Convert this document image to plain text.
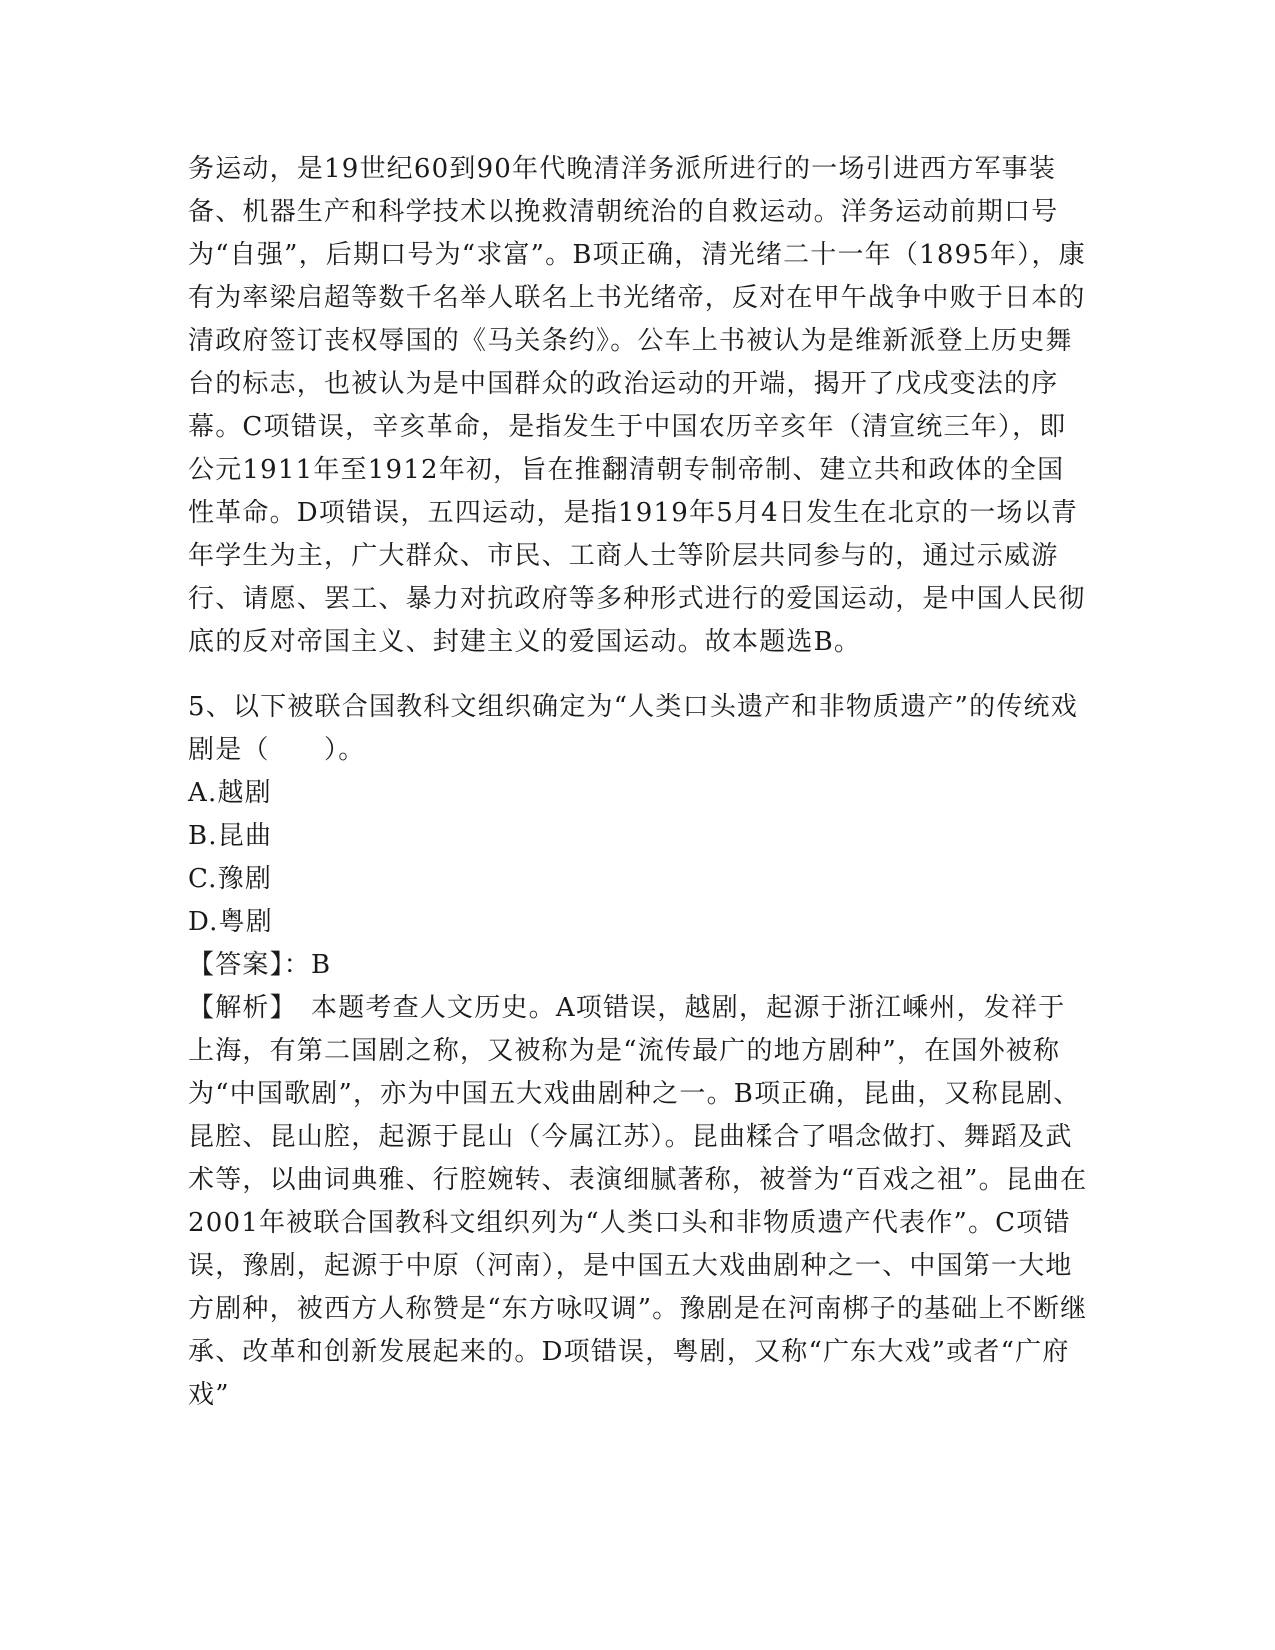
务运动，是19世纪60到90年代晚清洋务派所进行的一场引进西方军事装备、机器生产和科学技术以挽救清朝统治的自救运动。洋务运动前期口号为“自强”，后期口号为“求富”。B项正确，清光绪二十一年（1895年），康有为率梁启超等数千名举人联名上书光绪帝，反对在甲午战争中败于日本的清政府签订丧权辱国的《马关条约》。公车上书被认为是维新派登上历史舞台的标志，也被认为是中国群众的政治运动的开端，揭开了戊戌变法的序幕。C项错误，辛亥革命，是指发生于中国农历辛亥年（清宣统三年），即公元1911年至1912年初，旨在推翻清朝专制帝制、建立共和政体的全国性革命。D项错误，五四运动，是指1919年5月4日发生在北京的一场以青年学生为主，广大群众、市民、工商人士等阶层共同参与的，通过示威游行、请愿、罢工、暴力对抗政府等多种形式进行的爱国运动，是中国人民彻底的反对帝国主义、封建主义的爱国运动。故本题选B。

5、以下被联合国教科文组织确定为“人类口头遗产和非物质遗产”的传统戏剧是（　　）。

A.越剧

B.昆曲

C.豫剧

D.粤剧

【答案】：B

【解析】　本题考查人文历史。A项错误，越剧，起源于浙江嵊州，发祥于上海，有第二国剧之称，又被称为是“流传最广的地方剧种”，在国外被称为“中国歌剧”，亦为中国五大戏曲剧种之一。B项正确，昆曲，又称昆剧、昆腔、昆山腔，起源于昆山（今属江苏）。昆曲糅合了唱念做打、舞蹈及武术等，以曲词典雅、行腔婉转、表演细腻著称，被誉为“百戏之祖”。昆曲在2001年被联合国教科文组织列为“人类口头和非物质遗产代表作”。C项错误，豫剧，起源于中原（河南），是中国五大戏曲剧种之一、中国第一大地方剧种，被西方人称赞是“东方咏叹调”。豫剧是在河南梆子的基础上不断继承、改革和创新发展起来的。D项错误，粤剧，又称“广东大戏”或者“广府戏”
